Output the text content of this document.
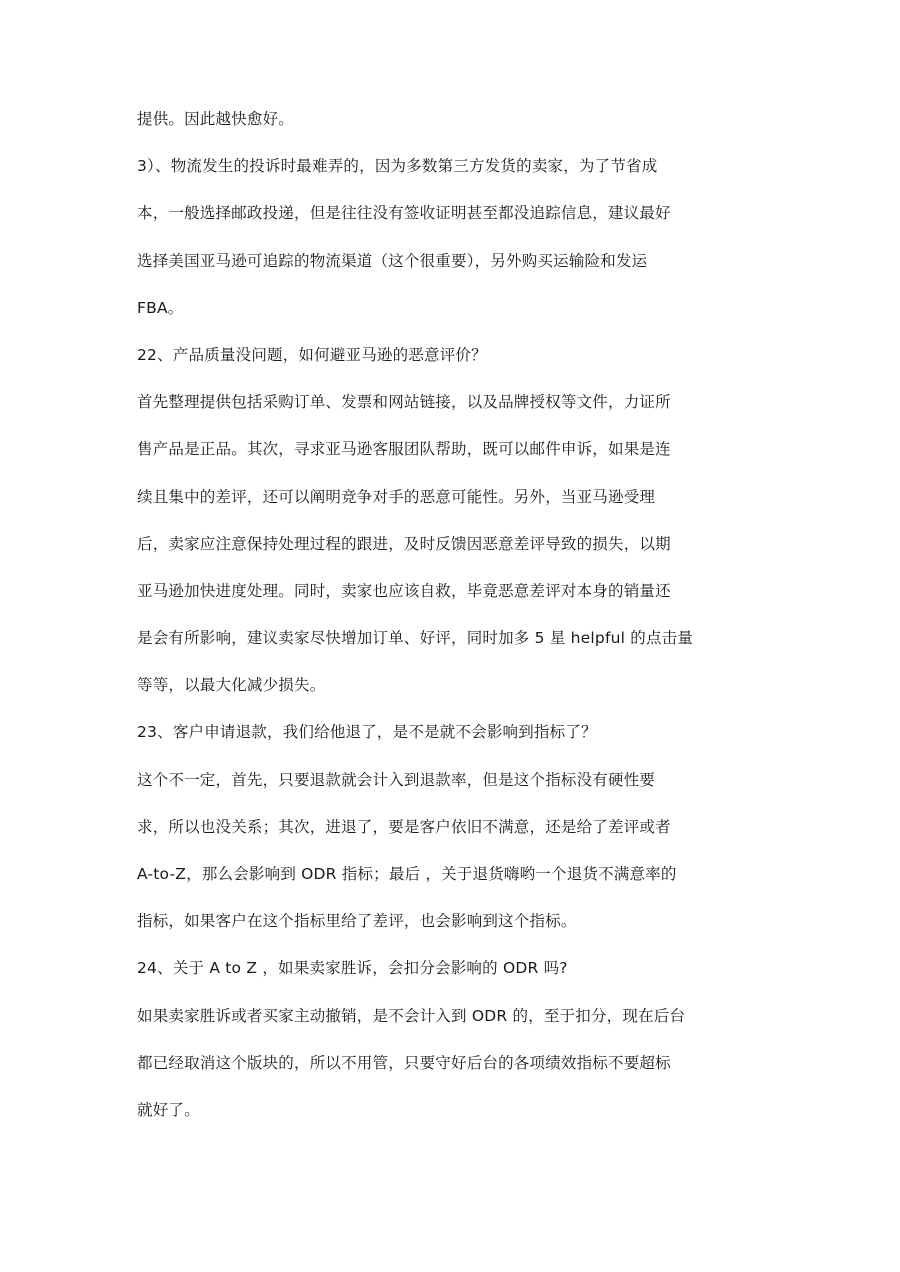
提供。因此越快愈好。
3）、物流发生的投诉时最难弄的，因为多数第三方发货的卖家，为了节省成
本，一般选择邮政投递，但是往往没有签收证明甚至都没追踪信息，建议最好
选择美国亚马逊可追踪的物流渠道（这个很重要），另外购买运输险和发运
FBA。
22、产品质量没问题，如何避亚马逊的恶意评价？
首先整理提供包括采购订单、发票和网站链接，以及品牌授权等文件，力证所
售产品是正品。其次，寻求亚马逊客服团队帮助，既可以邮件申诉，如果是连
续且集中的差评，还可以阐明竞争对手的恶意可能性。另外，当亚马逊受理
后，卖家应注意保持处理过程的跟进，及时反馈因恶意差评导致的损失，以期
亚马逊加快进度处理。同时，卖家也应该自救，毕竟恶意差评对本身的销量还
是会有所影响，建议卖家尽快增加订单、好评，同时加多 5 星 helpful 的点击量
等等，以最大化减少损失。
23、客户申请退款，我们给他退了，是不是就不会影响到指标了？
这个不一定，首先，只要退款就会计入到退款率，但是这个指标没有硬性要
求，所以也没关系；其次，进退了，要是客户依旧不满意，还是给了差评或者
A-to-Z，那么会影响到 ODR 指标；最后 ，关于退货嗨哟一个退货不满意率的
指标，如果客户在这个指标里给了差评，也会影响到这个指标。
24、关于 A to Z ，如果卖家胜诉，会扣分会影响的 ODR 吗?
如果卖家胜诉或者买家主动撤销，是不会计入到 ODR 的，至于扣分，现在后台
都已经取消这个版块的，所以不用管，只要守好后台的各项绩效指标不要超标
就好了。
